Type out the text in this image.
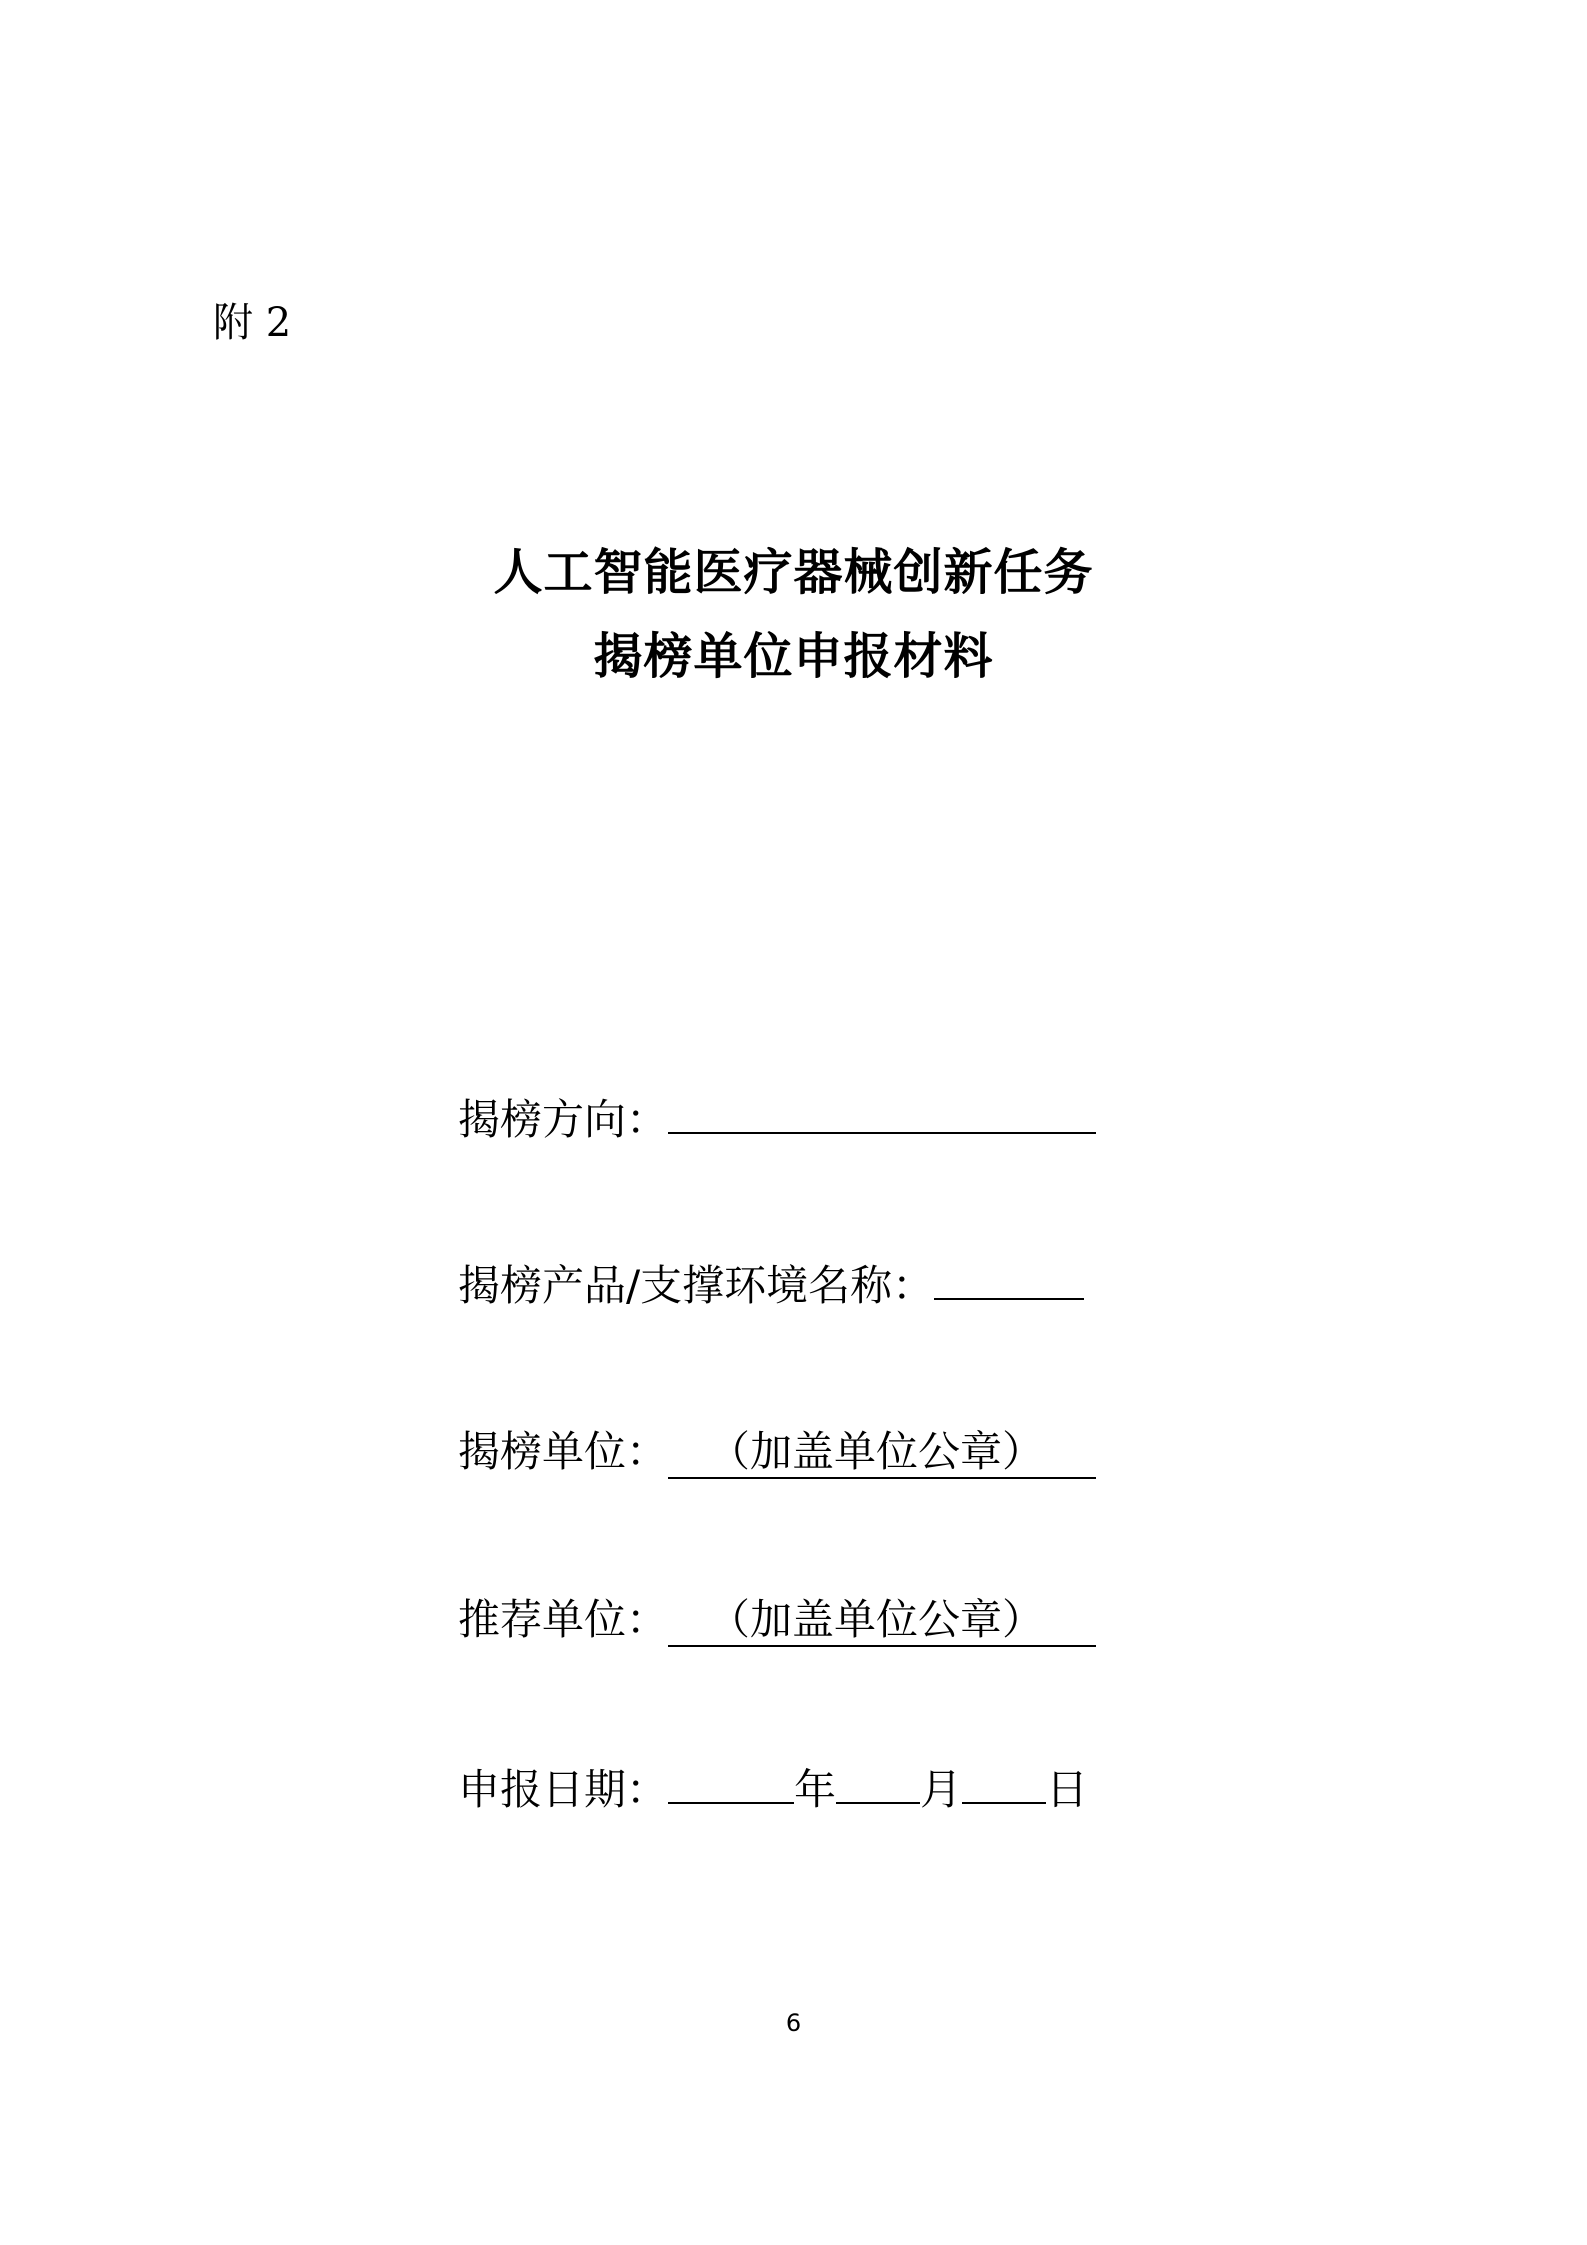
附 2
人工智能医疗器械创新任务
揭榜单位申报材料
揭榜方向：
揭榜产品/支撑环境名称：
揭榜单位： （加盖单位公章）
推荐单位： （加盖单位公章）
申报日期：	年 月 日
6
